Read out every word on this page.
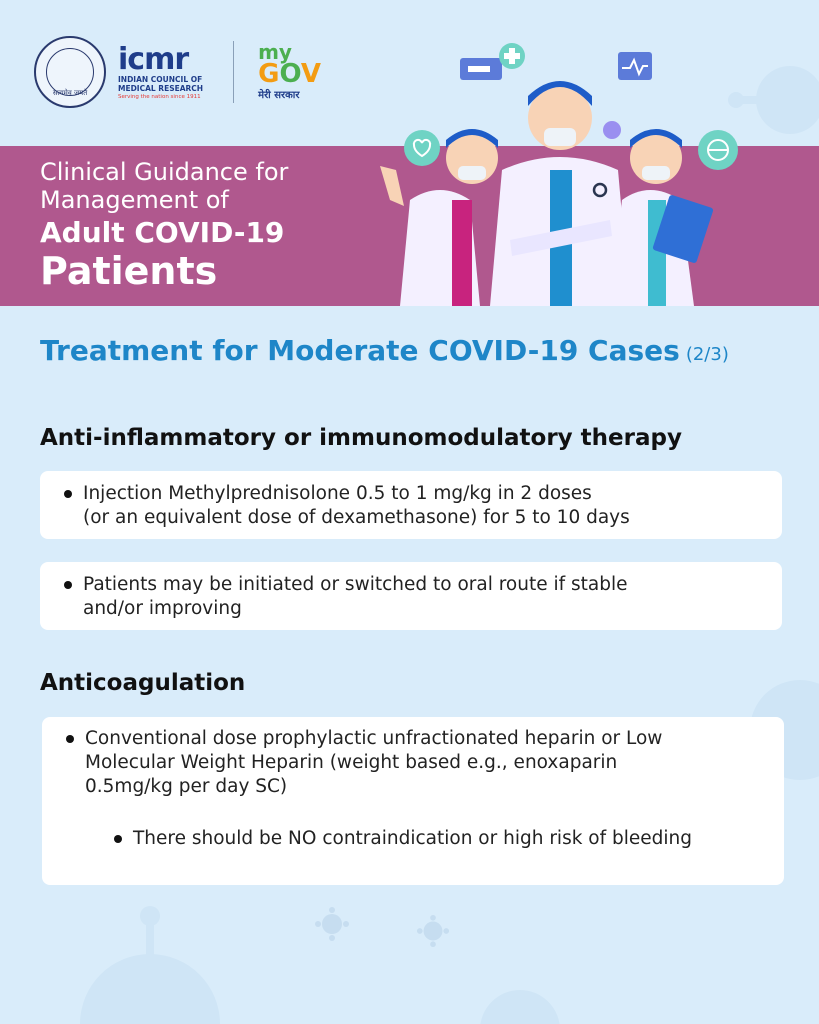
सत्यमेव जयते
icmr
INDIAN COUNCIL OF
MEDICAL RESEARCH
Serving the nation since 1911
my
GOV
मेरी सरकार
Clinical Guidance for
Management of
Adult COVID-19
Patients
Treatment for Moderate COVID-19 Cases (2/3)
Anti-inflammatory or immunomodulatory therapy
Injection Methylprednisolone 0.5 to 1 mg/kg in 2 doses
(or an equivalent dose of dexamethasone) for 5 to 10 days
Patients may be initiated or switched to oral route if stable
and/or improving
Anticoagulation
Conventional dose prophylactic unfractionated heparin or Low
Molecular Weight Heparin (weight based e.g., enoxaparin
0.5mg/kg per day SC)
There should be NO contraindication or high risk of bleeding
